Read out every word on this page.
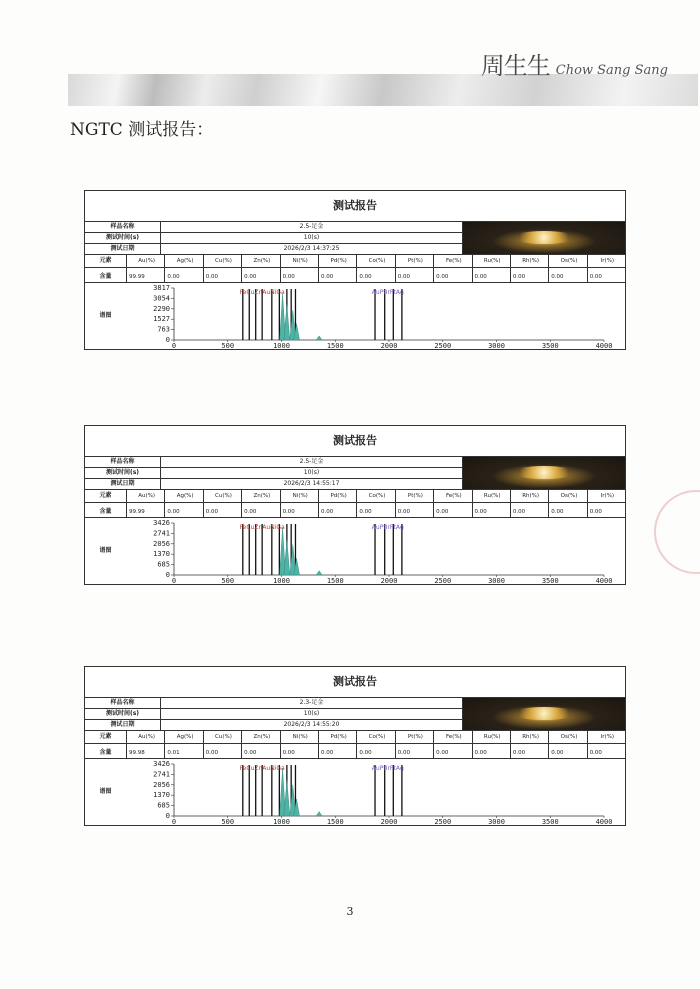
周生生 Chow Sang Sang
NGTC 测试报告：
测试报告
样品名称	2.5-足金
测试时间(s)	10(s)
测试日期	2026/2/3 14:37:25
元素	Au(%)	Ag(%)	Cu(%)	Zn(%)	Ni(%)	Pd(%)	Co(%)	Pt(%)	Fe(%)	Ru(%)	Rh(%)	Os(%)	Ir(%)
含量	99.99	0.00	0.00	0.00	0.00	0.00	0.00	0.00	0.00	0.00	0.00	0.00	0.00
谱图
3817
3054
2290
1527
763
0
0	500	1000	1500	2000	2500	3000	3500	4000
FeCuZnAuNiGa	AuPtIrPtAg
测试报告
样品名称	2.5-足金
测试时间(s)	10(s)
测试日期	2026/2/3 14:55:17
元素	Au(%)	Ag(%)	Cu(%)	Zn(%)	Ni(%)	Pd(%)	Co(%)	Pt(%)	Fe(%)	Ru(%)	Rh(%)	Os(%)	Ir(%)
含量	99.99	0.00	0.00	0.00	0.00	0.00	0.00	0.00	0.00	0.00	0.00	0.00	0.00
谱图
3426
2741
2056
1370
685
0
0	500	1000	1500	2000	2500	3000	3500	4000
FeCuZnAuNiGa	AuPtIrPtAg
测试报告
样品名称	2.3-足金
测试时间(s)	10(s)
测试日期	2026/2/3 14:55:20
元素	Au(%)	Ag(%)	Cu(%)	Zn(%)	Ni(%)	Pd(%)	Co(%)	Pt(%)	Fe(%)	Ru(%)	Rh(%)	Os(%)	Ir(%)
含量	99.98	0.01	0.00	0.00	0.00	0.00	0.00	0.00	0.00	0.00	0.00	0.00	0.00
谱图
3426
2741
2056
1370
685
0
0	500	1000	1500	2000	2500	3000	3500	4000
FeCuZnAuNiGa	AuPtIrPtAg
3
